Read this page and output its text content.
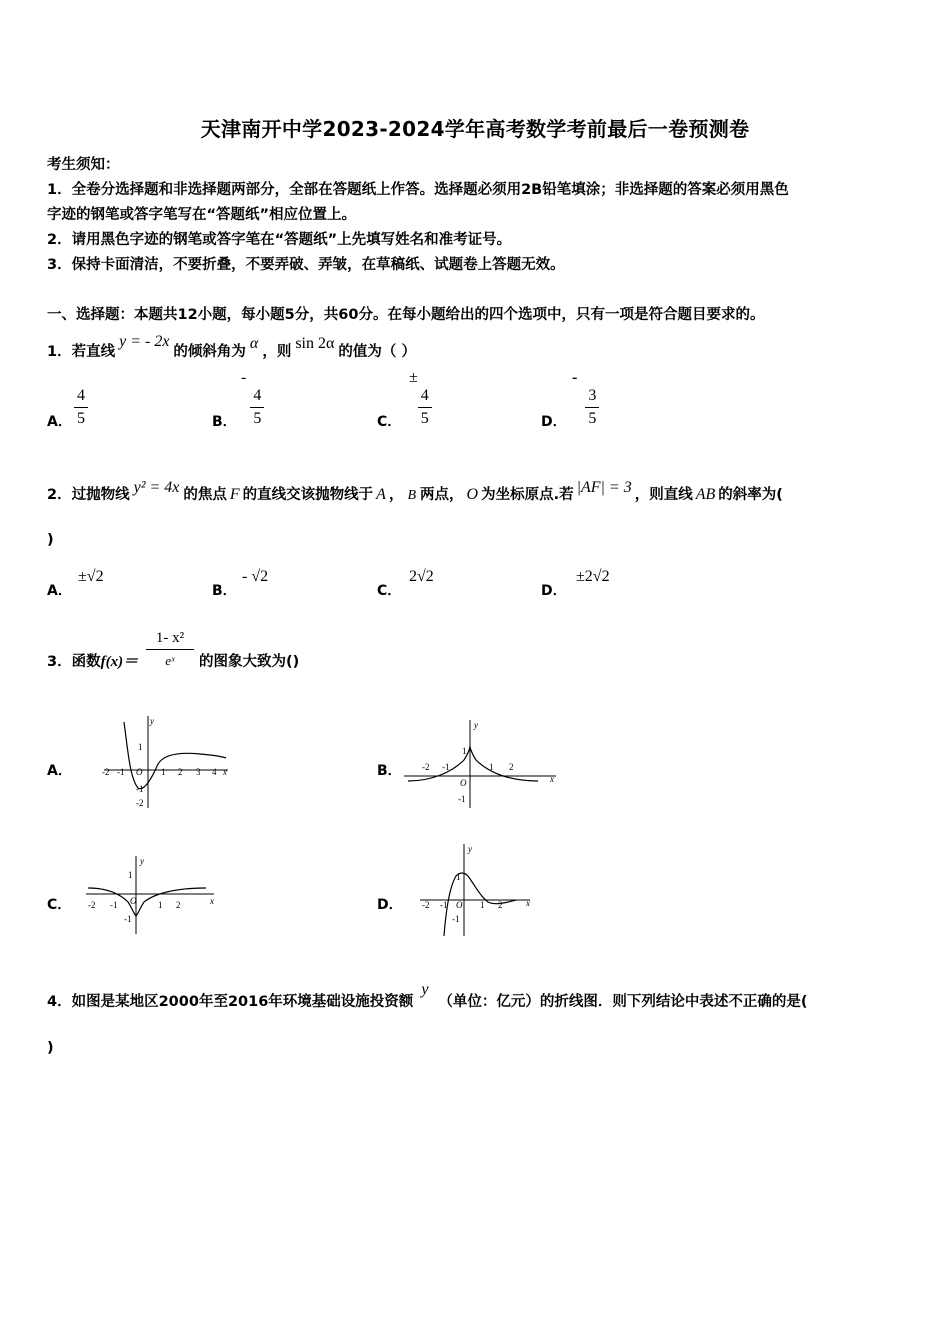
天津南开中学2023-2024学年高考数学考前最后一卷预测卷
考生须知：
1．全卷分选择题和非选择题两部分，全部在答题纸上作答。选择题必须用2B铅笔填涂；非选择题的答案必须用黑色
字迹的钢笔或答字笔写在“答题纸”相应位置上。
2．请用黑色字迹的钢笔或答字笔在“答题纸”上先填写姓名和准考证号。
3．保持卡面清洁，不要折叠，不要弄破、弄皱，在草稿纸、试题卷上答题无效。
一、选择题：本题共12小题，每小题5分，共60分。在每小题给出的四个选项中，只有一项是符合题目要求的。
1．若直线y = - 2x的倾斜角为 α ，则 sin 2α 的值为（ ）
A． $\frac{4}{5}$	B．
-
$\frac{4}{5}$	C．
±
$\frac{4}{5}$	D．
-
$\frac{3}{5}$
2．过抛物线 y² = 4x 的焦点 F 的直线交该抛物线于 A ， B 两点， O 为坐标原点.若 |AF| = 3 ，则直线 AB 的斜率为(
)
A．
±√2
B．
- √2
C．
2√2
D．
±2√2
3．函数$f(x)= \frac{\text{1- x²}}{\text{eˣ}}$ 的图象大致为()
A．	-2 -1 O 1 2 3 4 x
1
-1
-2
y
B． -2 -1	1 2
x
1
O
-1
y
C． -2 -1 O 1 2	x
1
-1
y
D． -2 -1 O 1 2	x
1
-1
y
4．如图是某地区2000年至2016年环境基础设施投资额y（单位：亿元）的折线图．则下列结论中表述不正确的是(
)
